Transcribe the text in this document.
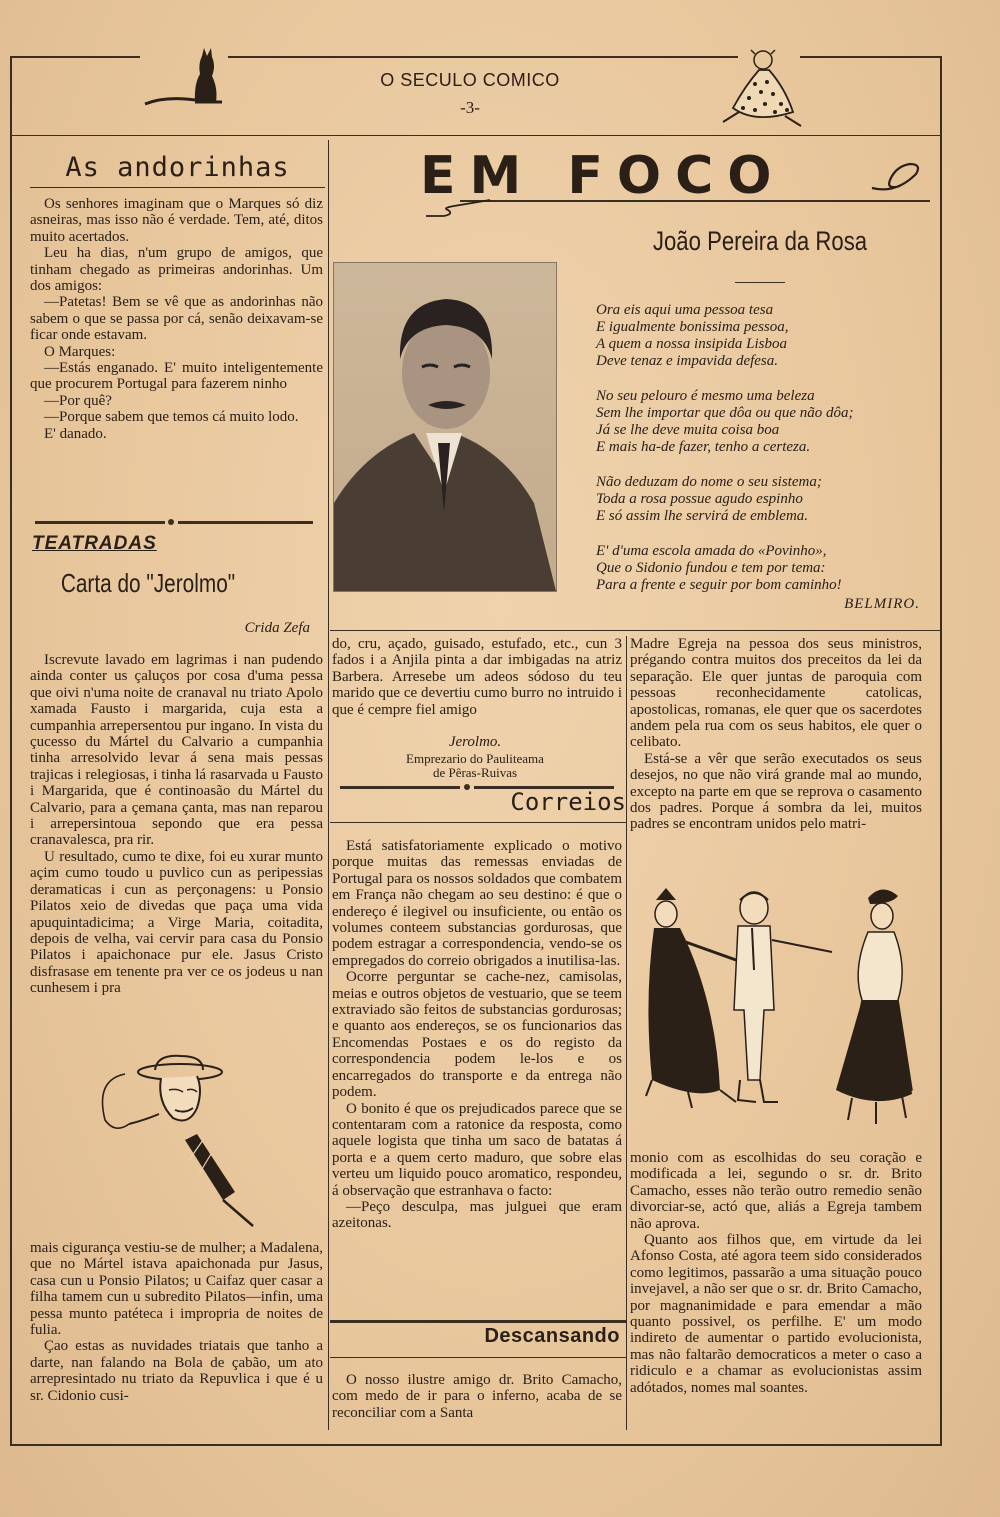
O SECULO COMICO
-3-
As andorinhas

Os senhores imaginam que o Marques só diz asneiras, mas isso não é verdade. Tem, até, ditos muito acertados.

Leu ha dias, n'um grupo de amigos, que tinham chegado as primeiras andorinhas. Um dos amigos:

—Patetas! Bem se vê que as andorinhas não sabem o que se passa por cá, senão deixavam-se ficar onde estavam.

O Marques:

—Estás enganado. E' muito inteligentemente que procurem Portugal para fazerem ninho

—Por quê?

—Porque sabem que temos cá muito lodo.

E' danado.

TEATRADAS
Carta do "Jerolmo"
Crida Zefa

Iscrevute lavado em lagrimas i nan pudendo ainda conter us çaluços por cosa d'uma pessa que oivi n'uma noite de cranaval nu triato Apolo xamada Fausto i margarida, cuja esta a cumpanhia arrepersentou pur ingano. In vista du çucesso du Mártel du Calvario a cumpanhia tinha arresolvido levar á sena mais pessas trajicas i relegiosas, i tinha lá rasarvada u Fausto i Margarida, que é continoasão du Mártel du Calvario, para a çemana çanta, mas nan reparou i arrepersintoua sepondo que era pessa cranavalesca, pra rir.

U resultado, cumo te dixe, foi eu xurar munto açim cumo toudo u puvlico cun as peripessias deramaticas i cun as perçonagens: u Ponsio Pilatos xeio de divedas que paça uma vida apuquintadicima; a Virge Maria, coitadita, depois de velha, vai cervir para casa du Ponsio Pilatos i apaichonace pur ele. Jasus Cristo disfrasase em tenente pra ver ce os jodeus u nan cunhesem i pra

mais cigurança vestiu-se de mulher; a Madalena, que no Mártel istava apaichonada pur Jasus, casa cun u Ponsio Pilatos; u Caifaz quer casar a filha tamem cun u subredito Pilatos—infin, uma pessa munto patéteca i impropria de noites de fulia.

Çao estas as nuvidades triatais que tanho a darte, nan falando na Bola de çabão, um ato arrepresintado nu triato da Repuvlica i que é u sr. Cidonio cusi-

EM FOCO
João Pereira da Rosa
Ora eis aqui uma pessoa tesa
E igualmente bonissima pessoa,
A quem a nossa insipida Lisboa
Deve tenaz e impavida defesa.
No seu pelouro é mesmo uma beleza
Sem lhe importar que dôa ou que não dôa;
Já se lhe deve muita coisa boa
E mais ha-de fazer, tenho a certeza.
Não deduzam do nome o seu sistema;
Toda a rosa possue agudo espinho
E só assim lhe servirá de emblema.
E' d'uma escola amada do «Povinho»,
Que o Sidonio fundou e tem por tema:
Para a frente e seguir por bom caminho!
BELMIRO.

do, cru, açado, guisado, estufado, etc., cun 3 fados i a Anjila pinta a dar imbigadas na atriz Barbera. Arresebe um adeos sódoso du teu marido que ce devertiu cumo burro no intruido i que é cempre fiel amigo

Jerolmo.
Emprezario do Pauliteama
de Pêras-Ruivas
Correios

Está satisfatoriamente explicado o motivo porque muitas das remessas enviadas de Portugal para os nossos soldados que combatem em França não chegam ao seu destino: é que o endereço é ilegivel ou insuficiente, ou então os volumes conteem substancias gordurosas, que podem estragar a correspondencia, vendo-se os empregados do correio obrigados a inutilisa-las.

Ocorre perguntar se cache-nez, camisolas, meias e outros objetos de vestuario, que se teem extraviado são feitos de substancias gordurosas; e quanto aos endereços, se os funcionarios das Encomendas Postaes e os do registo da correspondencia podem le-los e os encarregados do transporte e da entrega não podem.

O bonito é que os prejudicados parece que se contentaram com a ratonice da resposta, como aquele logista que tinha um saco de batatas á porta e a quem certo maduro, que sobre elas verteu um liquido pouco aromatico, respondeu, á observação que estranhava o facto:

—Peço desculpa, mas julguei que eram azeitonas.

Descansando

O nosso ilustre amigo dr. Brito Camacho, com medo de ir para o inferno, acaba de se reconciliar com a Santa

Madre Egreja na pessoa dos seus ministros, prégando contra muitos dos preceitos da lei da separação. Ele quer juntas de paroquia com pessoas reconhecidamente catolicas, apostolicas, romanas, ele quer que os sacerdotes andem pela rua com os seus habitos, ele quer o celibato.

Está-se a vêr que serão executados os seus desejos, no que não virá grande mal ao mundo, excepto na parte em que se reprova o casamento dos padres. Porque á sombra da lei, muitos padres se encontram unidos pelo matri-

monio com as escolhidas do seu coração e modificada a lei, segundo o sr. dr. Brito Camacho, esses não terão outro remedio senão divorciar-se, actó que, aliás a Egreja tambem não aprova.

Quanto aos filhos que, em virtude da lei Afonso Costa, até agora teem sido considerados como legitimos, passarão a uma situação pouco invejavel, a não ser que o sr. dr. Brito Camacho, por magnanimidade e para emendar a mão quanto possivel, os perfilhe. E' um modo indireto de aumentar o partido evolucionista, mas não faltarão democraticos a meter o caso a ridiculo e a chamar as evolucionistas assim adótados, nomes mal soantes.
